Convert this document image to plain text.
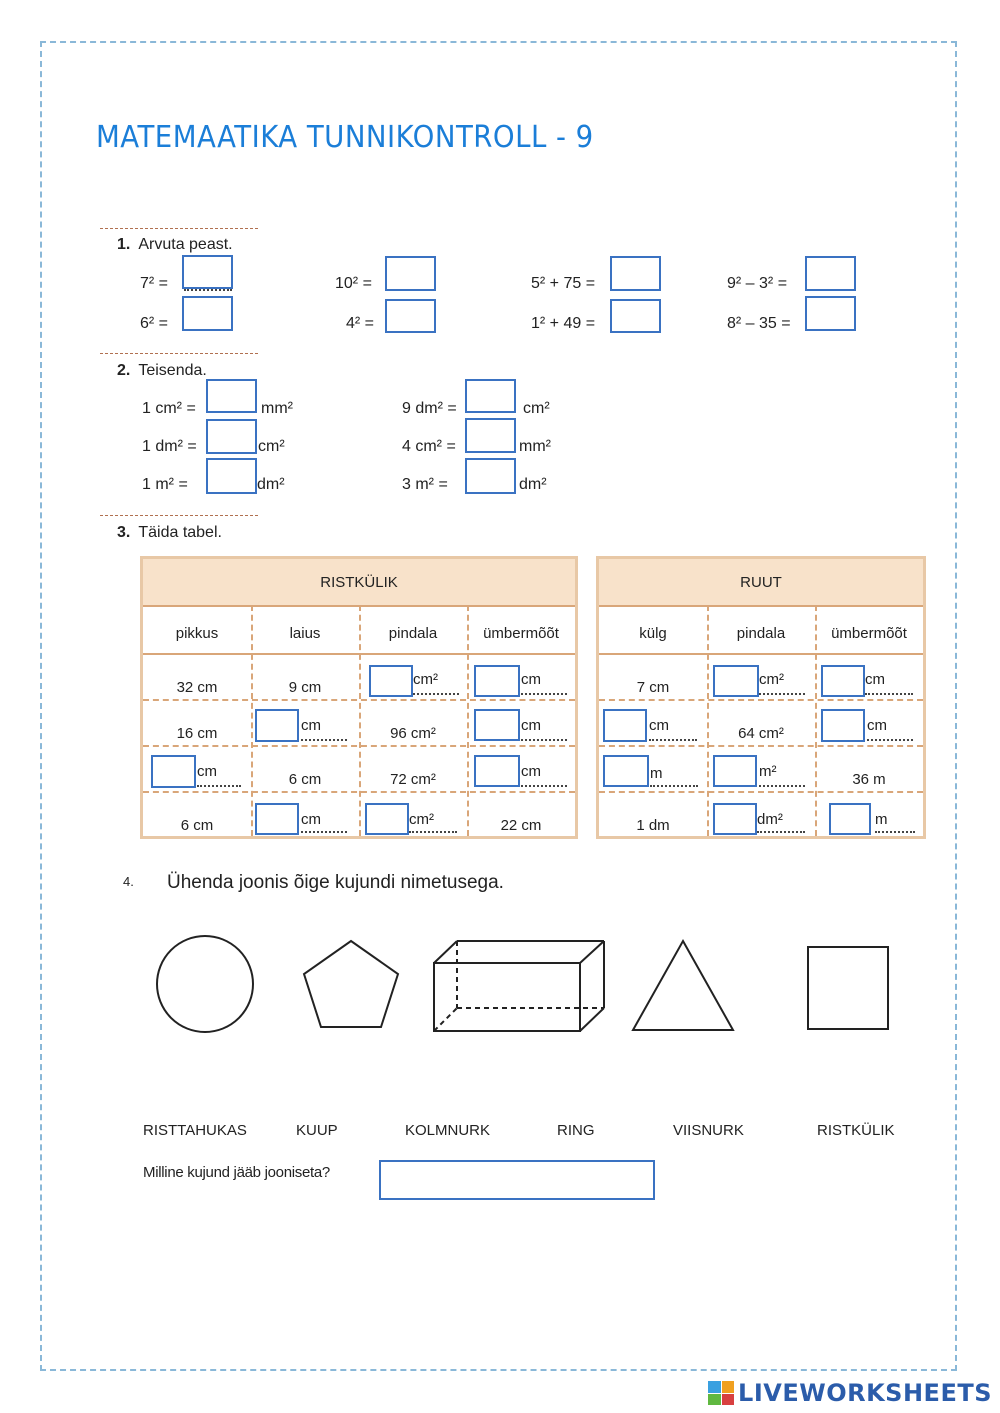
MATEMAATIKA TUNNIKONTROLL - 9
1. Arvuta peast.
7² =	10² =	5² + 75 =	9² – 3² =
6² =	4² =	1² + 49 =	8² – 35 =
2. Teisenda.
1 cm² =	mm²	9 dm² =	cm²
1 dm² =	cm²	4 cm² =	mm²
1 m² =	dm²	3 m² =	dm²
3. Täida tabel.
RISTKÜLIK
pikkus	laius	pindala	ümbermõõt
32 cm	9 cm	cm²	cm
16 cm	cm	96 cm²	cm
cm	6 cm	72 cm²	cm
6 cm	cm	cm²	22 cm
RUUT
külg	pindala	ümbermõõt
7 cm	cm²	cm
cm	64 cm²	cm
m	m²	36 m
1 dm	dm²	m
4. Ühenda joonis õige kujundi nimetusega.
RISTTAHUKAS	KUUP	KOLMNURK	RING	VIISNURK	RISTKÜLIK
Milline kujund jääb jooniseta?
LIVEWORKSHEETS
